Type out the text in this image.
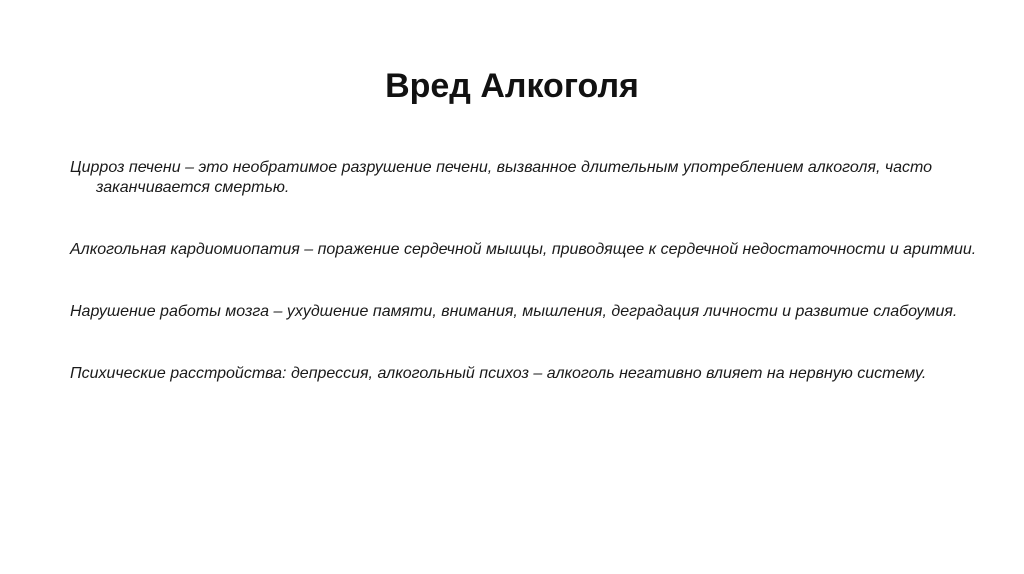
Вред Алкоголя
Цирроз печени – это необратимое разрушение печени, вызванное длительным употреблением алкоголя, часто заканчивается смертью.
Алкогольная кардиомиопатия – поражение сердечной мышцы, приводящее к сердечной недостаточности и аритмии.
Нарушение работы мозга – ухудшение памяти, внимания, мышления, деградация личности и развитие слабоумия.
Психические расстройства: депрессия, алкогольный психоз – алкоголь негативно влияет на нервную систему.
